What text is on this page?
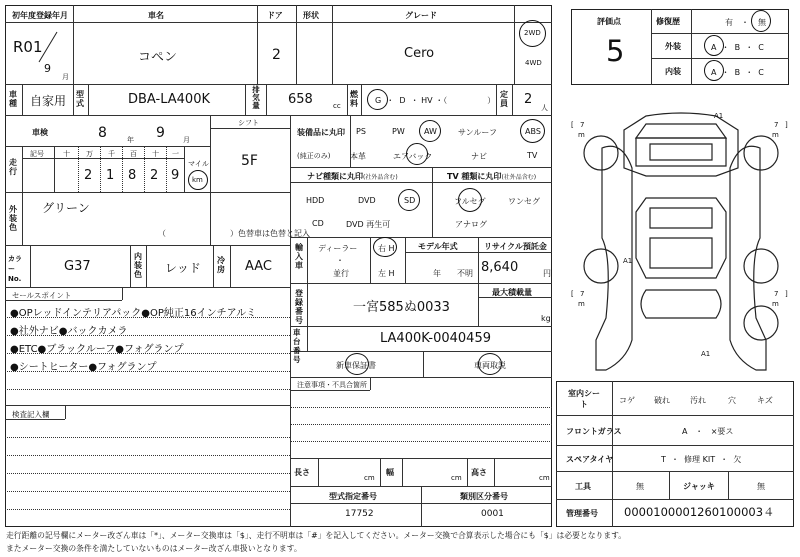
初年度登録年月
R01
9
月
車名
コペン
ドア
2
形状	グレード
Cero
2WD
4WD
車種 自家用 型式	DBA-LA400K
排気量 658	cc
燃料 G  ・  D  ・ HV ・（　　　　　）
定員 2
人
車検	8	年 9	月
シフト
5F
走行
記号	十 万 千 百 十 一
2 1 8 2 9
マイル
km
外装色
グリーン
（　　　　　　　　）色替車は色替と記入
カラーNo.
G37
内装色 レッド
冷房 AAC
セールスポイント
●OPレッドインテリアパック●OP純正16インチアルミ
●社外ナビ●バックカメラ
●ETC●ブラックルーフ●フォグランプ
●シートヒーター●フォグランプ
検査記入欄
装備品に丸印
(純正のみ)
PS	PW AW	サンルーフ	ABS
本革	エアバック	ナビ	TV
ナビ種類に丸印(社外品含む)	TV 種類に丸印(社外品含む)
HDD	DVD	SD
CD	DVD 再生可
フルセグ	ワンセグ
アナログ
輸入車
ディーラー
・
並行
右 H
左 H
モデル年式
年 不明
リサイクル預託金
8,640	円
登録番号
一宮585ぬ0033
最大積載量
kg
車台番号
LA400K-0040459
新車保証書	車両取説
注意事項・不具合箇所
長さ
cm
幅
cm
高さ
cm
型式指定番号
17752
類別区分番号
0001
評価点
5
修復歴	有 ・ 無
外装	A  ・  B  ・  C
内装	A  ・  B  ・  C
A1
A1
A1
[ 7
m
7 ]
m
[ 7
m
7 ]
m
室内シート	コゲ 破れ	汚れ	穴	キズ
フロントガラス	A   ・   ×要ス
スペアタイヤ	T  ・  修理 KIT  ・  欠
工具	無	ジャッキ	無
管理番号 0000100001260100003４
走行距離の記号欄にメーター改ざん車は「*」、メーター交換車は「$」、走行不明車は「#」を記入してください。メーター交換で合算表示した場合にも「$」は必要となります。
またメーター交換の条件を満たしていないものはメーター改ざん車扱いとなります。
